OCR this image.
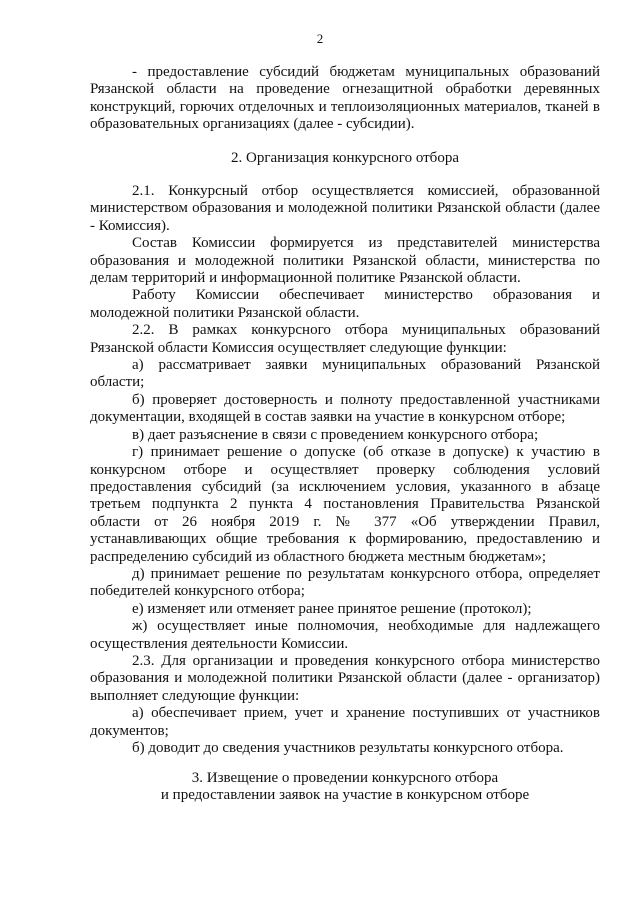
2

- предоставление субсидий бюджетам муниципальных образований Рязанской области на проведение огнезащитной обработки деревянных конструкций, горючих отделочных и теплоизоляционных материалов, тканей в образовательных организациях (далее - субсидии).

2. Организация конкурсного отбора

2.1. Конкурсный отбор осуществляется комиссией, образованной министерством образования и молодежной политики Рязанской области (далее - Комиссия).

Состав Комиссии формируется из представителей министерства образования и молодежной политики Рязанской области, министерства по делам территорий и информационной политике Рязанской области.

Работу Комиссии обеспечивает министерство образования и молодежной политики Рязанской области.

2.2. В рамках конкурсного отбора муниципальных образований Рязанской области Комиссия осуществляет следующие функции:

а) рассматривает заявки муниципальных образований Рязанской области;

б) проверяет достоверность и полноту предоставленной участниками документации, входящей в состав заявки на участие в конкурсном отборе;

в) дает разъяснение в связи с проведением конкурсного отбора;

г) принимает решение о допуске (об отказе в допуске) к участию в конкурсном отборе и осуществляет проверку соблюдения условий предоставления субсидий (за исключением условия, указанного в абзаце третьем подпункта 2 пункта 4 постановления Правительства Рязанской области от 26 ноября 2019 г. № 377 «Об утверждении Правил, устанавливающих общие требования к формированию, предоставлению и распределению субсидий из областного бюджета местным бюджетам»;

д) принимает решение по результатам конкурсного отбора, определяет победителей конкурсного отбора;

е) изменяет или отменяет ранее принятое решение (протокол);

ж) осуществляет иные полномочия, необходимые для надлежащего осуществления деятельности Комиссии.

2.3. Для организации и проведения конкурсного отбора министерство образования и молодежной политики Рязанской области (далее - организатор) выполняет следующие функции:

а) обеспечивает прием, учет и хранение поступивших от участников документов;

б) доводит до сведения участников результаты конкурсного отбора.

3. Извещение о проведении конкурсного отбора
и предоставлении заявок на участие в конкурсном отборе
